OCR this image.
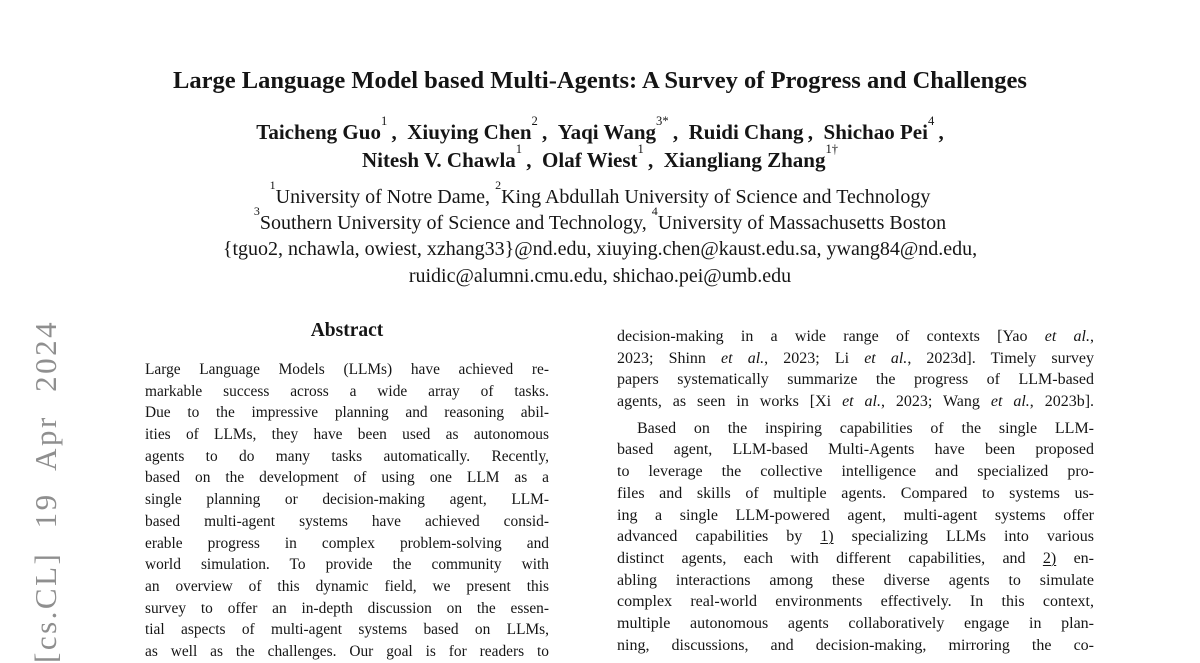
[cs.CL] 19 Apr 2024
Large Language Model based Multi-Agents: A Survey of Progress and Challenges
Taicheng Guo$^1$ ,  Xiuying Chen$^2$ ,  Yaqi Wang$^{3*}$ ,  Ruidi Chang ,  Shichao Pei$^4$ ,
Nitesh V. Chawla$^1$ ,  Olaf Wiest$^1$ ,  Xiangliang Zhang$^{1\dagger}$
$^1$University of Notre Dame, $^2$King Abdullah University of Science and Technology
$^3$Southern University of Science and Technology, $^4$University of Massachusetts Boston
{tguo2, nchawla, owiest, xzhang33}@nd.edu, xiuying.chen@kaust.edu.sa, ywang84@nd.edu,
ruidic@alumni.cmu.edu, shichao.pei@umb.edu
Abstract
Large Language Models (LLMs) have achieved re-
markable success across a wide array of tasks.
Due to the impressive planning and reasoning abil-
ities of LLMs, they have been used as autonomous
agents to do many tasks automatically. Recently,
based on the development of using one LLM as a
single planning or decision-making agent, LLM-
based multi-agent systems have achieved consid-
erable progress in complex problem-solving and
world simulation. To provide the community with
an overview of this dynamic field, we present this
survey to offer an in-depth discussion on the essen-
tial aspects of multi-agent systems based on LLMs,
as well as the challenges. Our goal is for readers to
decision-making in a wide range of contexts [Yao et al.,
2023; Shinn et al., 2023; Li et al., 2023d]. Timely survey
papers systematically summarize the progress of LLM-based
agents, as seen in works [Xi et al., 2023; Wang et al., 2023b].
Based on the inspiring capabilities of the single LLM-
based agent, LLM-based Multi-Agents have been proposed
to leverage the collective intelligence and specialized pro-
files and skills of multiple agents. Compared to systems us-
ing a single LLM-powered agent, multi-agent systems offer
advanced capabilities by 1) specializing LLMs into various
distinct agents, each with different capabilities, and 2) en-
abling interactions among these diverse agents to simulate
complex real-world environments effectively. In this context,
multiple autonomous agents collaboratively engage in plan-
ning, discussions, and decision-making, mirroring the co-
